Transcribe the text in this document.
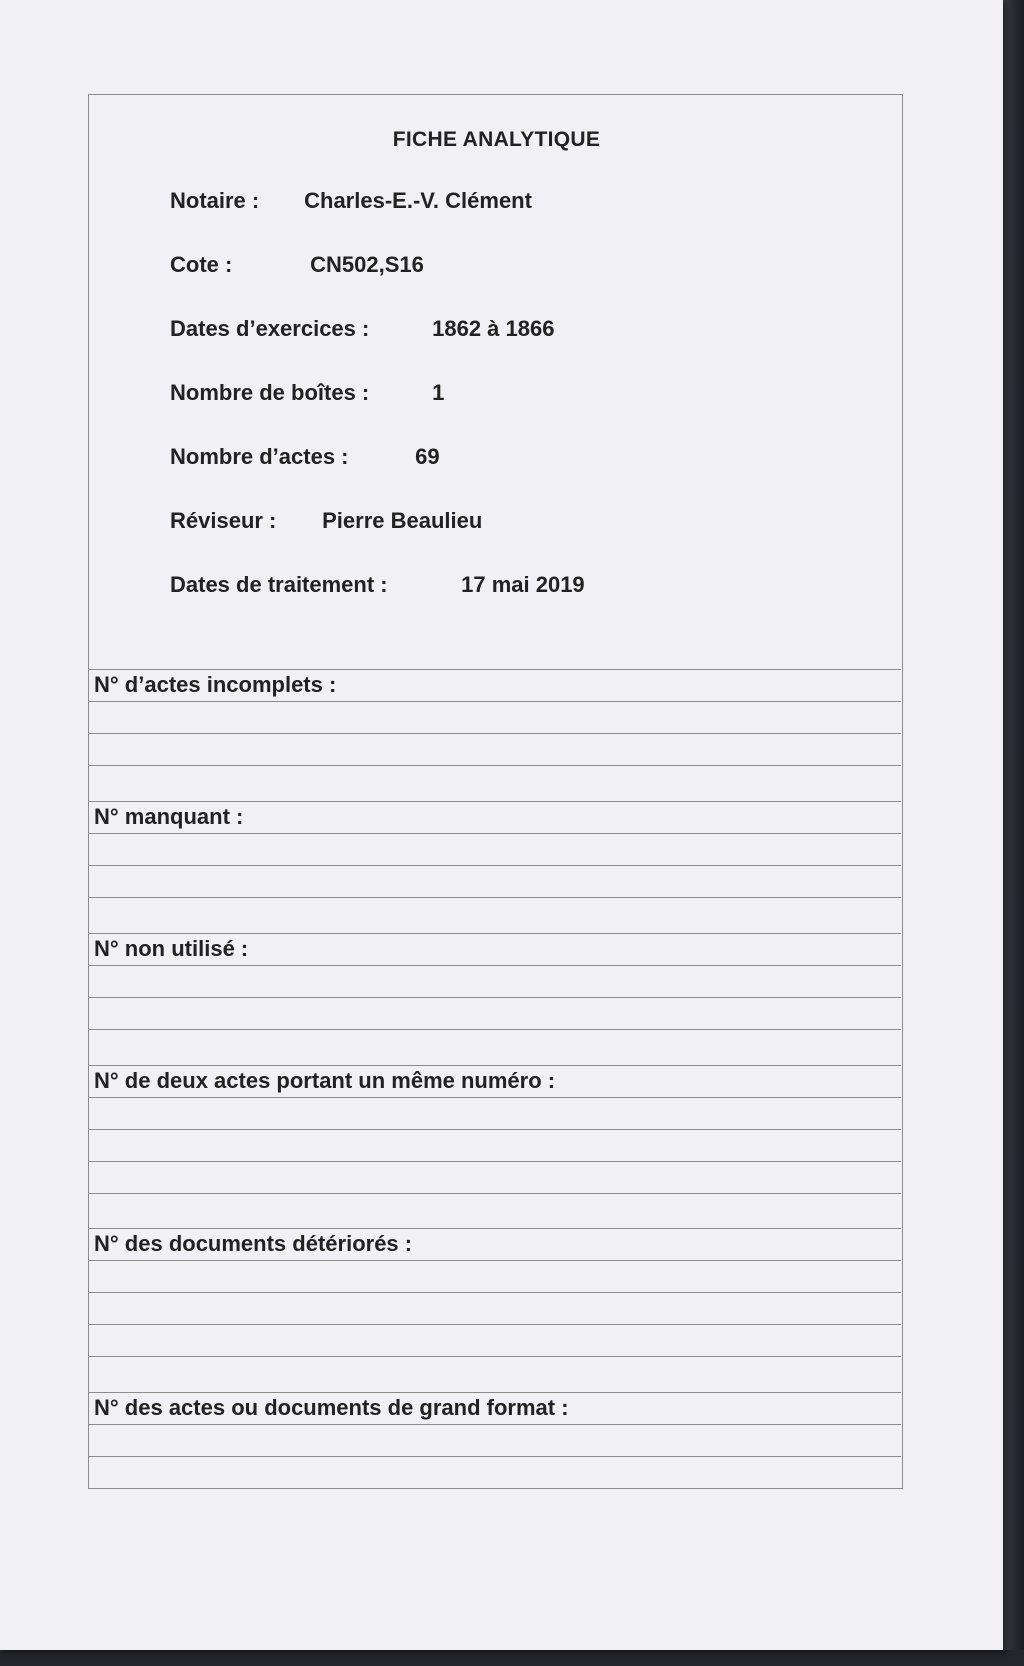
FICHE ANALYTIQUE
Notaire : Charles-E.-V. Clément
Cote :	CN502,S16
Dates d’exercices :	1862 à 1866
Nombre de boîtes :	1
Nombre d’actes :	69
Réviseur : Pierre Beaulieu
Dates de traitement :	17 mai 2019
N° d’actes incomplets :
N° manquant :
N° non utilisé :
N° de deux actes portant un même numéro :
N° des documents détériorés :
N° des actes ou documents de grand format :
